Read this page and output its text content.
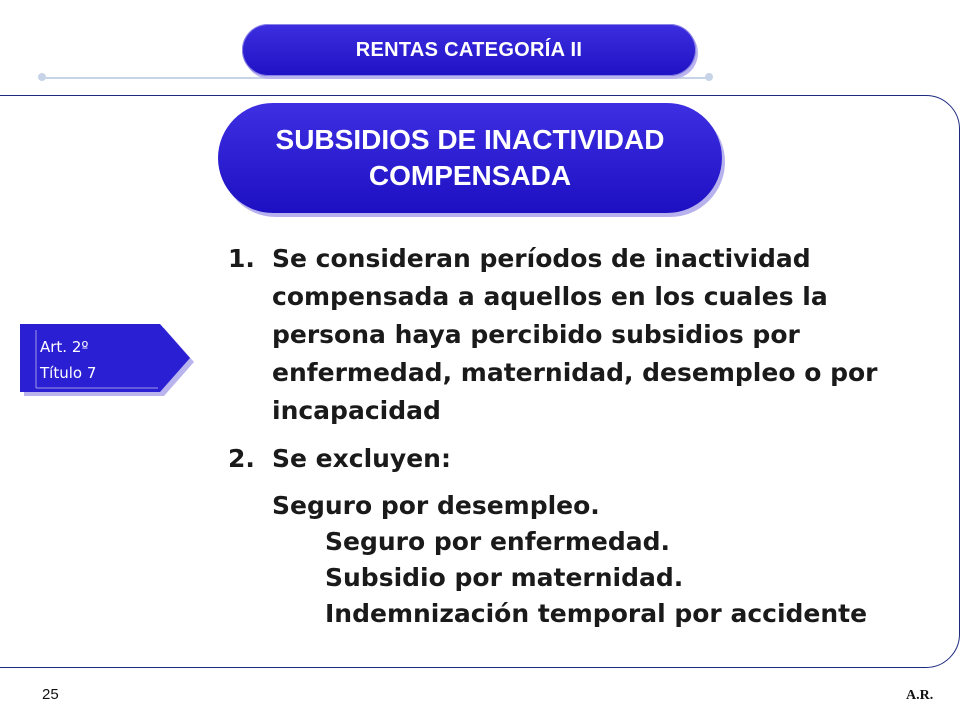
RENTAS CATEGORÍA II
SUBSIDIOS DE INACTIVIDAD
COMPENSADA
Art. 2º
Título 7
1. Se consideran períodos de inactividad compensada a aquellos en los cuales la persona haya percibido subsidios por enfermedad, maternidad, desempleo o por incapacidad
2. Se excluyen:
Seguro por desempleo.
Seguro por enfermedad.
Subsidio por maternidad.
Indemnización temporal por accidente
25	A.R.
